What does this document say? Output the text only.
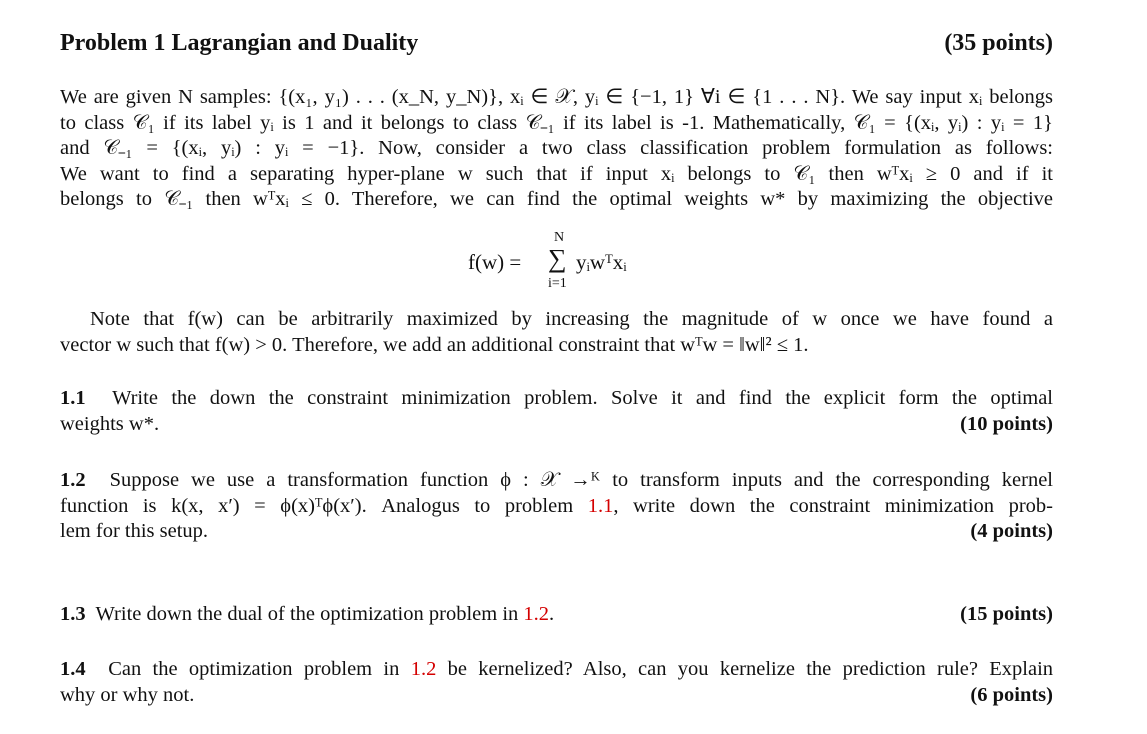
Problem 1 Lagrangian and Duality	(35 points)
We are given N samples: {(x₁, y₁) . . . (x_N, y_N)}, xᵢ ∈ 𝒳, yᵢ ∈ {−1, 1} ∀i ∈ {1 . . . N}. We say input xᵢ belongs
to class 𝒞₁ if its label yᵢ is 1 and it belongs to class 𝒞₋₁ if its label is -1. Mathematically, 𝒞₁ = {(xᵢ, yᵢ) : yᵢ = 1}
and 𝒞₋₁ = {(xᵢ, yᵢ) : yᵢ = −1}. Now, consider a two class classification problem formulation as follows:
We want to find a separating hyper-plane w such that if input xᵢ belongs to 𝒞₁ then wᵀxᵢ ≥ 0 and if it
belongs to 𝒞₋₁ then wᵀxᵢ ≤ 0. Therefore, we can find the optimal weights w* by maximizing the objective
f(w) =
N
∑
i=1
yᵢwᵀxᵢ
Note that f(w) can be arbitrarily maximized by increasing the magnitude of w once we have found a
vector w such that f(w) > 0. Therefore, we add an additional constraint that wᵀw = ‖w‖² ≤ 1.
1.1 Write the down the constraint minimization problem. Solve it and find the explicit form the optimal
weights w*.	(10 points)
1.2 Suppose we use a transformation function ϕ : 𝒳 →ᴷ to transform inputs and the corresponding kernel
function is k(x, x′) = ϕ(x)ᵀϕ(x′). Analogus to problem 1.1, write down the constraint minimization prob-
lem for this setup.	(4 points)
1.3 Write down the dual of the optimization problem in 1.2.	(15 points)
1.4 Can the optimization problem in 1.2 be kernelized? Also, can you kernelize the prediction rule? Explain
why or why not.	(6 points)
